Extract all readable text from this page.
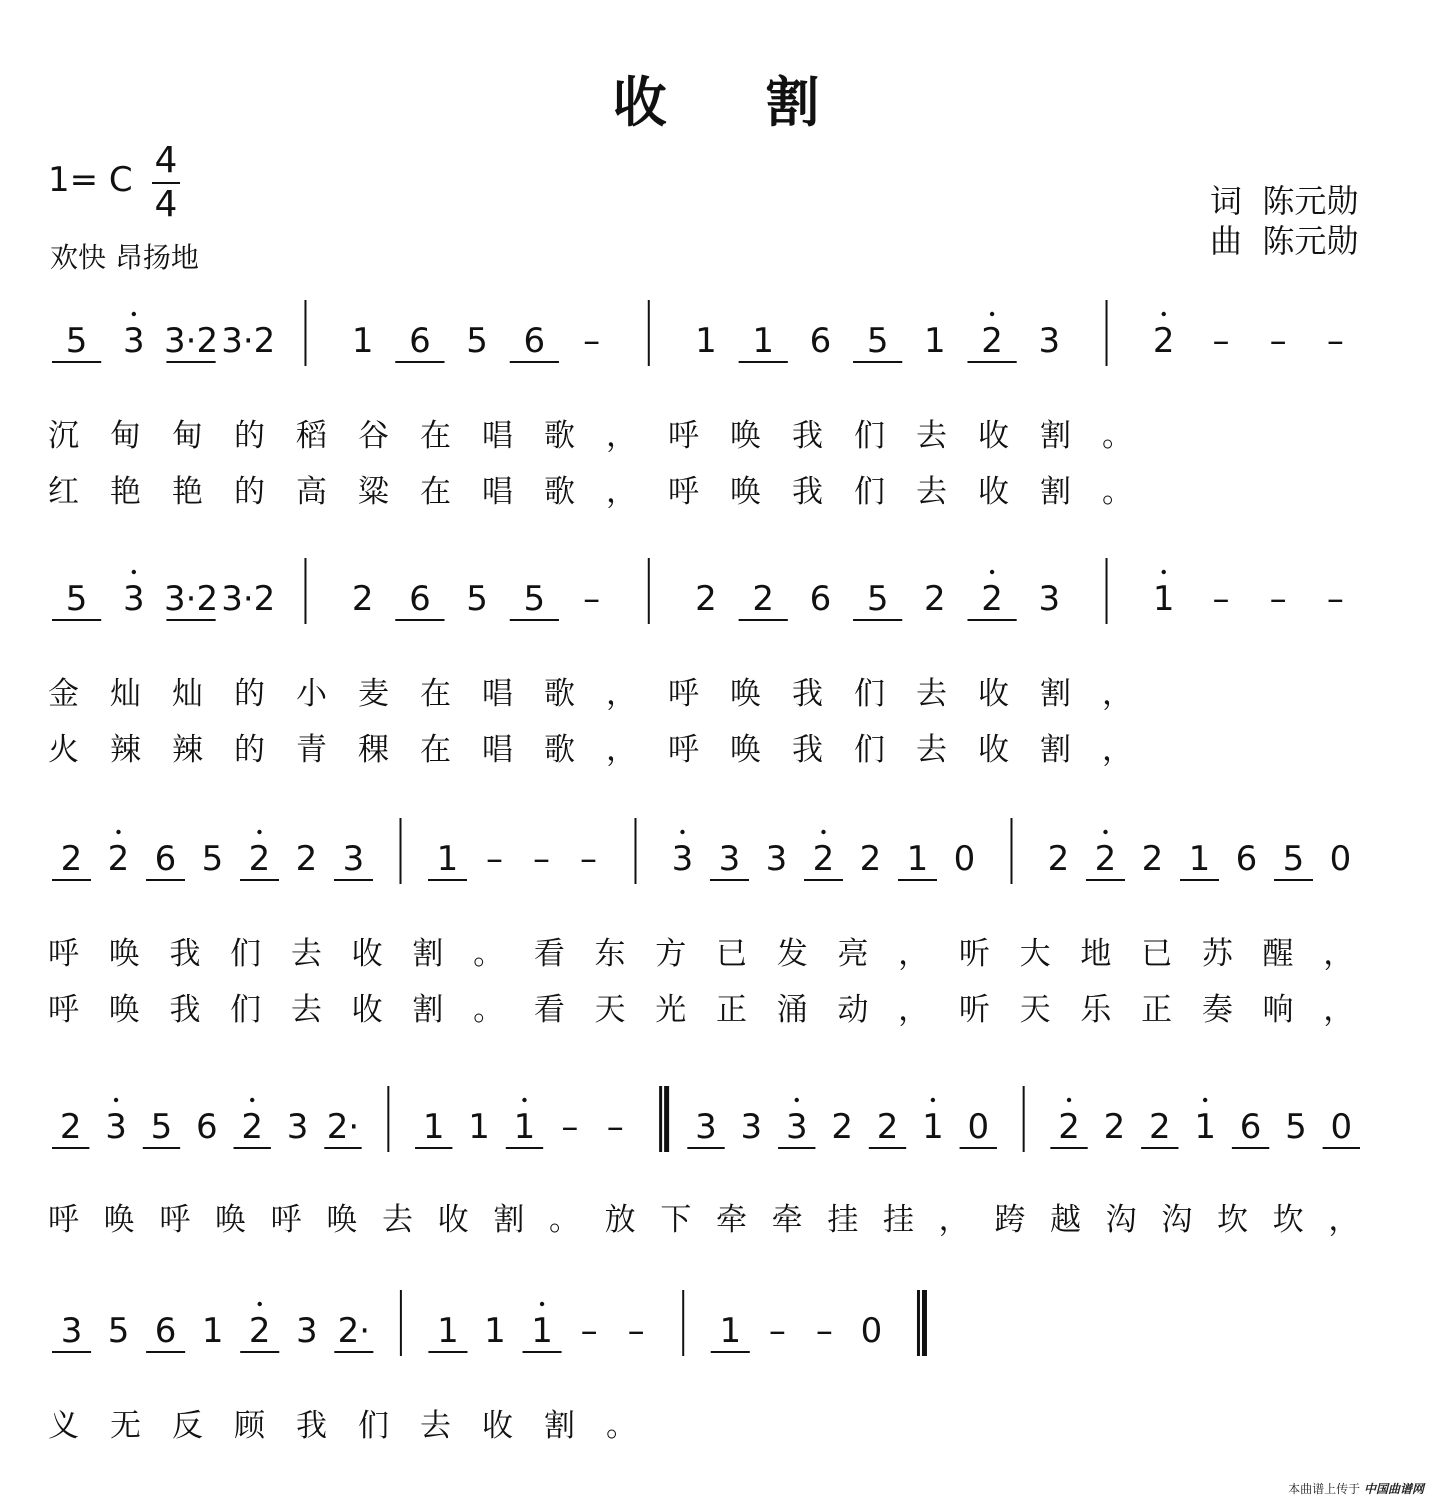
收 割
1= C 4
4
欢快 昂扬地
词  陈元勋
曲  陈元勋
5 3 3·2 3·2 1 6 5 6 –	1 1 6 5 1 2 3	2 – – –
沉 甸 甸 的 稻 谷 在 唱 歌 ， 呼 唤 我 们 去 收 割 。
红 艳 艳 的 高 粱 在 唱 歌 ， 呼 唤 我 们 去 收 割 。
5 3 3·2 3·2 2 6 5 5 –	2 2 6 5 2 2 3	1 – – –
金 灿 灿 的 小 麦 在 唱 歌 ， 呼 唤 我 们 去 收 割 ，
火 辣 辣 的 青 稞 在 唱 歌 ， 呼 唤 我 们 去 收 割 ，
2 2 6 5 2 2 3 1 – – – 3 3 3 2 2 1 0 2 2 2 1 6 5 0
呼 唤 我 们 去 收 割 。 看 东 方 已 发 亮 ， 听 大 地 已 苏 醒 ，
呼 唤 我 们 去 收 割 。 看 天 光 正 涌 动 ， 听 天 乐 正 奏 响 ，
2 3 5 6 2 3 2· 1 1 1 – – 3 3 3 2 2 1 0 2 2 2 1 6 5 0
呼 唤 呼 唤 呼 唤 去 收 割 。 放 下 牵 牵 挂 挂 ， 跨 越 沟 沟 坎 坎 ，
3 5 6 1 2 3 2· 1 1 1 – – 1 – – 0
义 无 反 顾 我 们 去 收 割 。
本曲谱上传于 中国曲谱网
